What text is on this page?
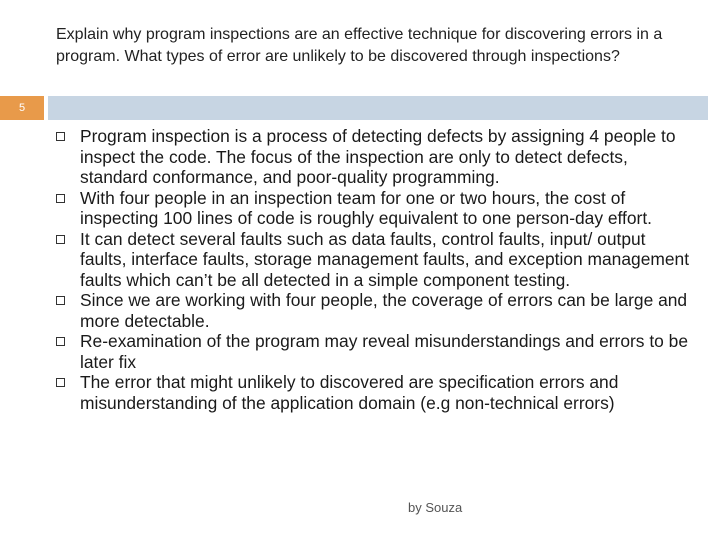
Explain why program inspections are an effective technique for discovering errors in a program. What types of error are unlikely to be discovered through inspections?
5
Program inspection is a process of detecting defects by assigning 4 people to inspect the code. The focus of the inspection are only to detect defects, standard conformance, and poor-quality programming.
With four people in an inspection team for one or two hours, the cost of inspecting 100 lines of code is roughly equivalent to one person-day effort.
It can detect several faults such as data faults, control faults, input/ output faults, interface faults, storage management faults, and exception management faults which can’t be all detected in a simple component testing.
Since we are working with four people, the coverage of errors can be large and more detectable.
Re-examination of the program may reveal misunderstandings and errors to be later fix
The error that might unlikely to discovered are specification errors and misunderstanding of the application domain (e.g non-technical errors)
by Souza
